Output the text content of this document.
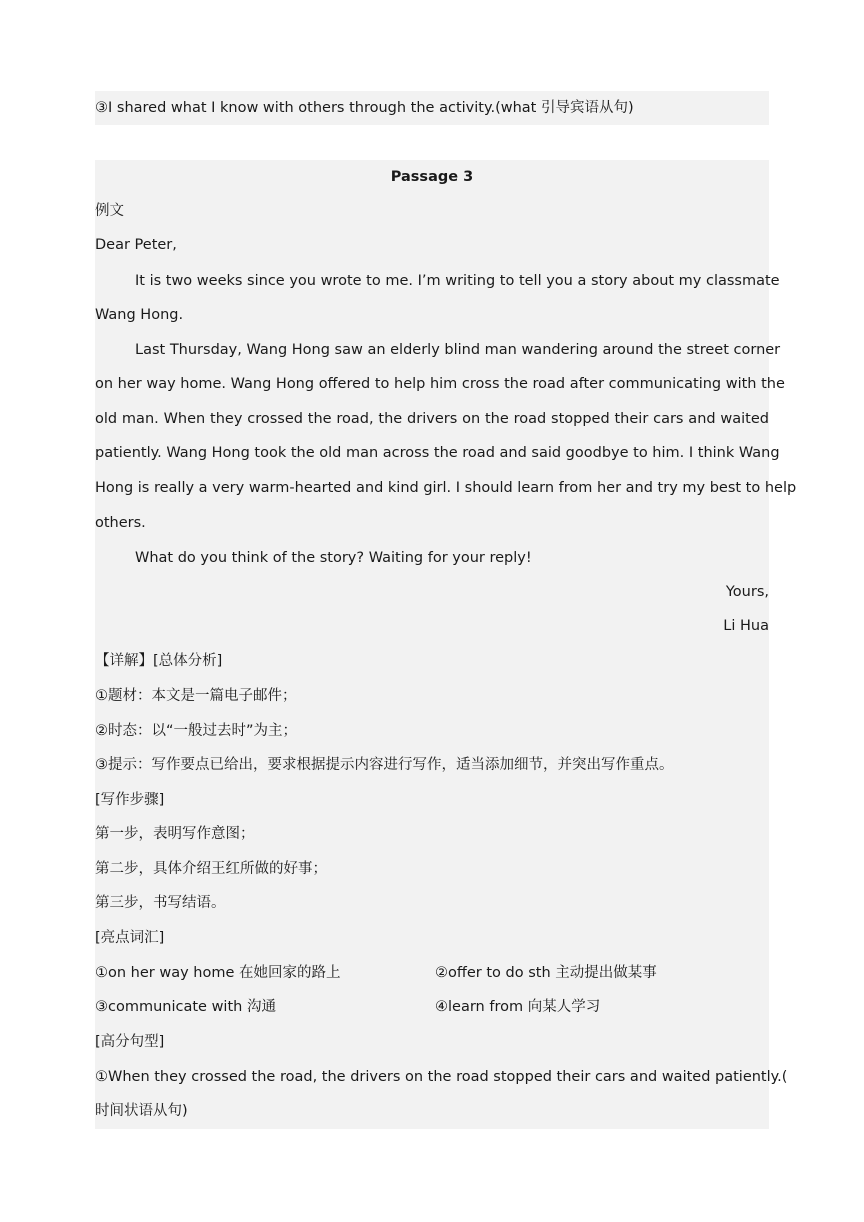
③I shared what I know with others through the activity.(what 引导宾语从句)
Passage 3
例文
Dear Peter,
It is two weeks since you wrote to me. I’m writing to tell you a story about my classmate
Wang Hong.
Last Thursday, Wang Hong saw an elderly blind man wandering around the street corner
on her way home. Wang Hong offered to help him cross the road after communicating with the
old man. When they crossed the road, the drivers on the road stopped their cars and waited
patiently. Wang Hong took the old man across the road and said goodbye to him. I think Wang
Hong is really a very warm-hearted and kind girl. I should learn from her and try my best to help
others.
What do you think of the story? Waiting for your reply!
Yours,
Li Hua
【详解】[总体分析]
①题材：本文是一篇电子邮件；
②时态：以“一般过去时”为主；
③提示：写作要点已给出，要求根据提示内容进行写作，适当添加细节，并突出写作重点。
[写作步骤]
第一步，表明写作意图；
第二步，具体介绍王红所做的好事；
第三步，书写结语。
[亮点词汇]
①on her way home 在她回家的路上	②offer to do sth 主动提出做某事
③communicate with 沟通	④learn from 向某人学习
[高分句型]
①When they crossed the road, the drivers on the road stopped their cars and waited patiently.(
时间状语从句)
